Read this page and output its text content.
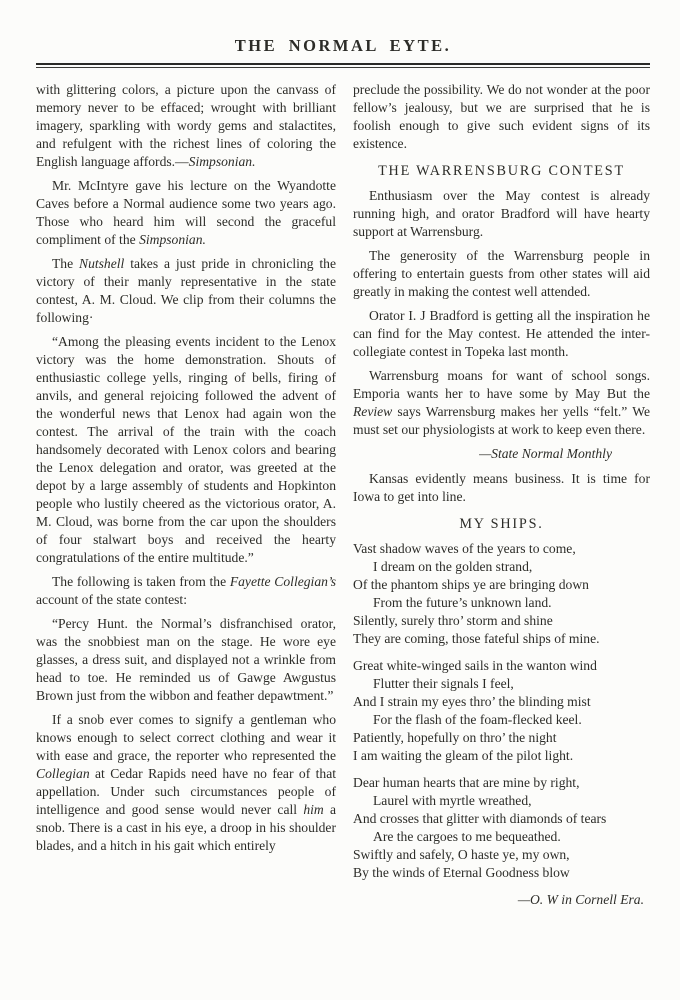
THE NORMAL EYTE.

with glittering colors, a picture upon the canvass of memory never to be effaced; wrought with brilliant imagery, sparkling with wordy gems and stalactites, and refulgent with the richest lines of coloring the English language affords.—Simpsonian.

Mr. McIntyre gave his lecture on the Wyandotte Caves before a Normal audience some two years ago. Those who heard him will second the graceful compliment of the Simpsonian.

The Nutshell takes a just pride in chronicling the victory of their manly representative in the state contest, A. M. Cloud. We clip from their columns the following·

“Among the pleasing events incident to the Lenox victory was the home demonstration. Shouts of enthusiastic college yells, ringing of bells, firing of anvils, and general rejoicing followed the advent of the wonderful news that Lenox had again won the contest. The arrival of the train with the coach handsomely decorated with Lenox colors and bearing the Lenox delegation and orator, was greeted at the depot by a large assembly of students and Hopkinton people who lustily cheered as the victorious orator, A. M. Cloud, was borne from the car upon the shoulders of four stalwart boys and received the hearty congratulations of the entire multitude.”

The following is taken from the Fayette Collegian’s account of the state contest:

“Percy Hunt. the Normal’s disfranchised orator, was the snobbiest man on the stage. He wore eye glasses, a dress suit, and displayed not a wrinkle from head to toe. He reminded us of Gawge Awgustus Brown just from the wibbon and feather depawtment.”

If a snob ever comes to signify a gentleman who knows enough to select correct clothing and wear it with ease and grace, the reporter who represented the Collegian at Cedar Rapids need have no fear of that appellation. Under such circumstances people of intelligence and good sense would never call him a snob. There is a cast in his eye, a droop in his shoulder blades, and a hitch in his gait which entirely

preclude the possibility. We do not wonder at the poor fellow’s jealousy, but we are surprised that he is foolish enough to give such evident signs of its existence.

THE WARRENSBURG CONTEST

Enthusiasm over the May contest is already running high, and orator Bradford will have hearty support at Warrensburg.

The generosity of the Warrensburg people in offering to entertain guests from other states will aid greatly in making the contest well attended.

Orator I. J Bradford is getting all the inspiration he can find for the May contest. He attended the inter-collegiate contest in Topeka last month.

Warrensburg moans for want of school songs. Emporia wants her to have some by May But the Review says Warrensburg makes her yells “felt.” We must set our physiologists at work to keep even there.

—State Normal Monthly

Kansas evidently means business. It is time for Iowa to get into line.

MY SHIPS.
Vast shadow waves of the years to come,
I dream on the golden strand,
Of the phantom ships ye are bringing down
From the future’s unknown land.
Silently, surely thro’ storm and shine
They are coming, those fateful ships of mine.
Great white-winged sails in the wanton wind
Flutter their signals I feel,
And I strain my eyes thro’ the blinding mist
For the flash of the foam-flecked keel.
Patiently, hopefully on thro’ the night
I am waiting the gleam of the pilot light.
Dear human hearts that are mine by right,
Laurel with myrtle wreathed,
And crosses that glitter with diamonds of tears
Are the cargoes to me bequeathed.
Swiftly and safely, O haste ye, my own,
By the winds of Eternal Goodness blow
—O. W in Cornell Era.
